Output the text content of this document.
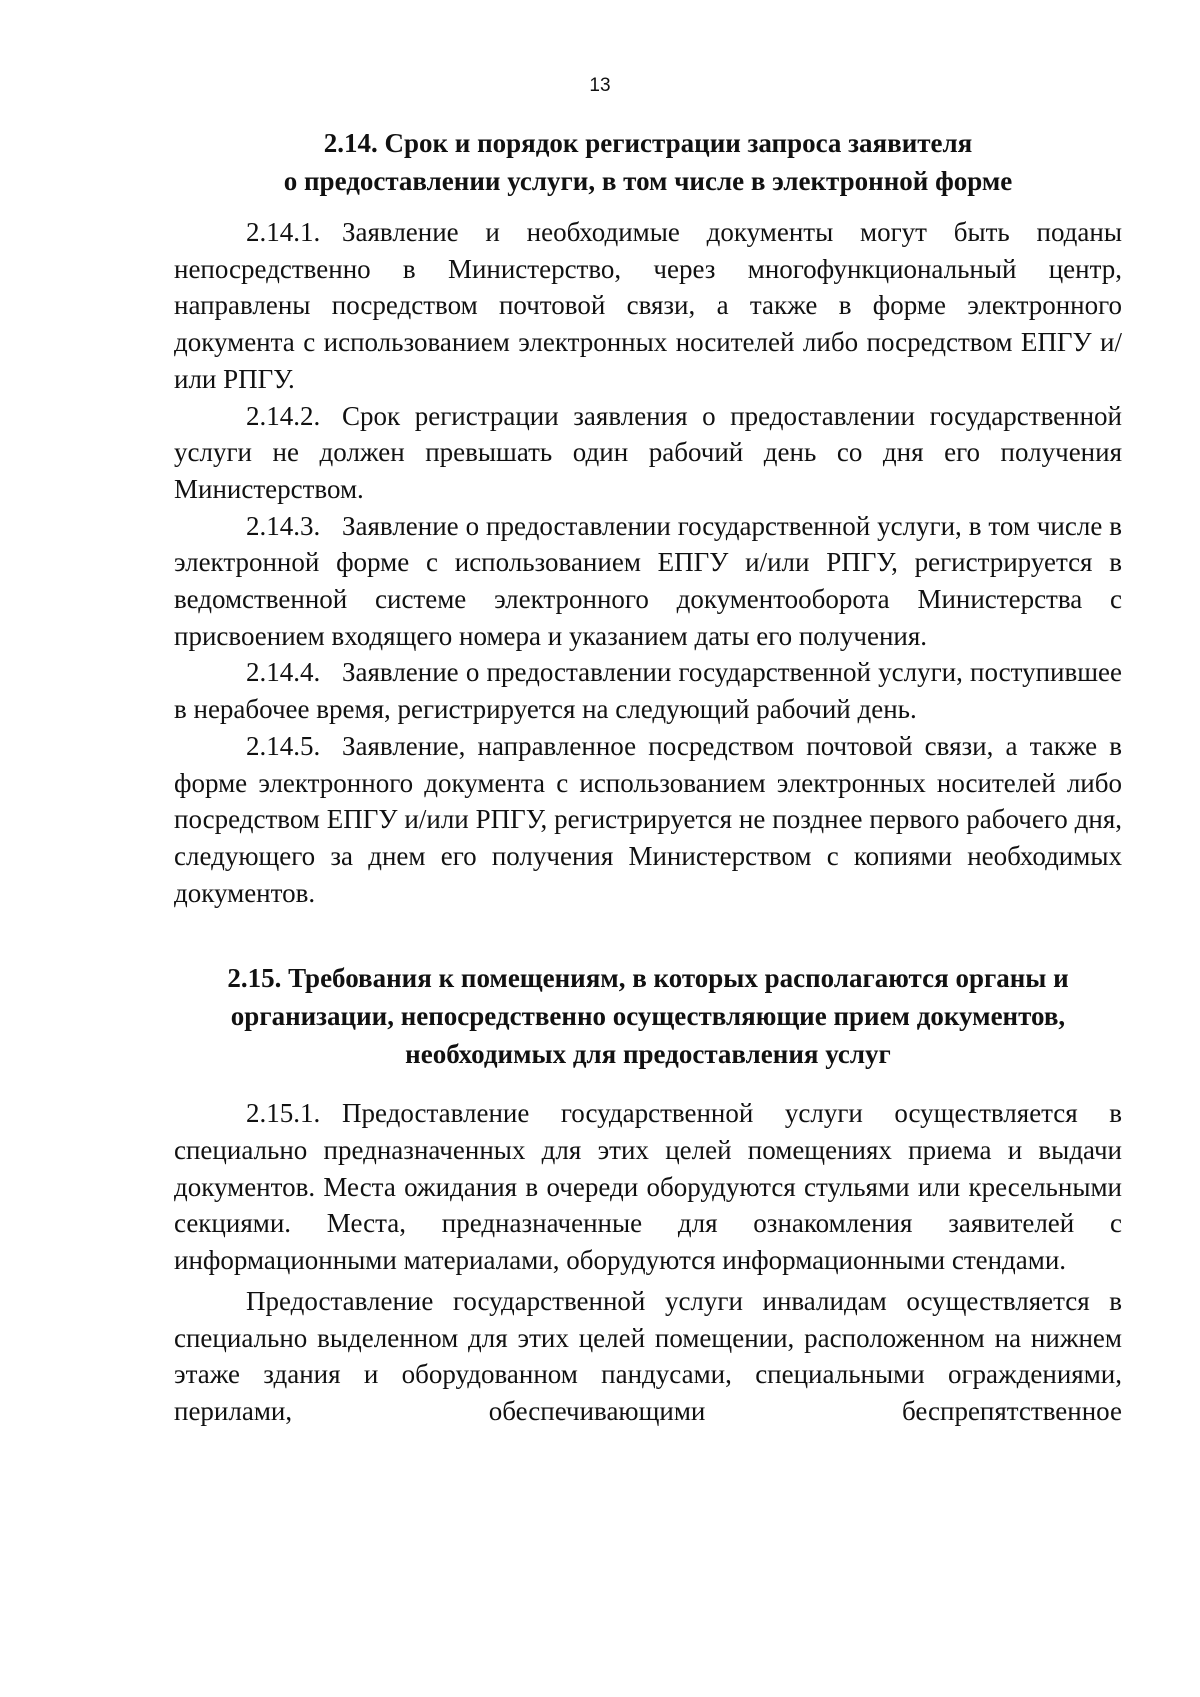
13
2.14. Срок и порядок регистрации запроса заявителя
о предоставлении услуги, в том числе в электронной форме

2.14.1. Заявление и необходимые документы могут быть поданы непосредственно в Министерство, через многофункциональный центр, направлены посредством почтовой связи, а также в форме электронного документа с использованием электронных носителей либо посредством ЕПГУ и/или РПГУ.

2.14.2. Срок регистрации заявления о предоставлении государственной услуги не должен превышать один рабочий день со дня его получения Министерством.

2.14.3. Заявление о предоставлении государственной услуги, в том числе в электронной форме с использованием ЕПГУ и/или РПГУ, регистрируется в ведомственной системе электронного документооборота Министерства с присвоением входящего номера и указанием даты его получения.

2.14.4. Заявление о предоставлении государственной услуги, поступившее в нерабочее время, регистрируется на следующий рабочий день.

2.14.5. Заявление, направленное посредством почтовой связи, а также в форме электронного документа с использованием электронных носителей либо посредством ЕПГУ и/или РПГУ, регистрируется не позднее первого рабочего дня, следующего за днем его получения Министерством с копиями необходимых документов.

2.15. Требования к помещениям, в которых располагаются органы и
организации, непосредственно осуществляющие прием документов,
необходимых для предоставления услуг

2.15.1. Предоставление государственной услуги осуществляется в специально предназначенных для этих целей помещениях приема и выдачи документов. Места ожидания в очереди оборудуются стульями или кресельными секциями. Места, предназначенные для ознакомления заявителей с информационными материалами, оборудуются информационными стендами.

Предоставление государственной услуги инвалидам осуществляется в специально выделенном для этих целей помещении, расположенном на нижнем этаже здания и оборудованном пандусами, специальными ограждениями, перилами, обеспечивающими беспрепятственное
